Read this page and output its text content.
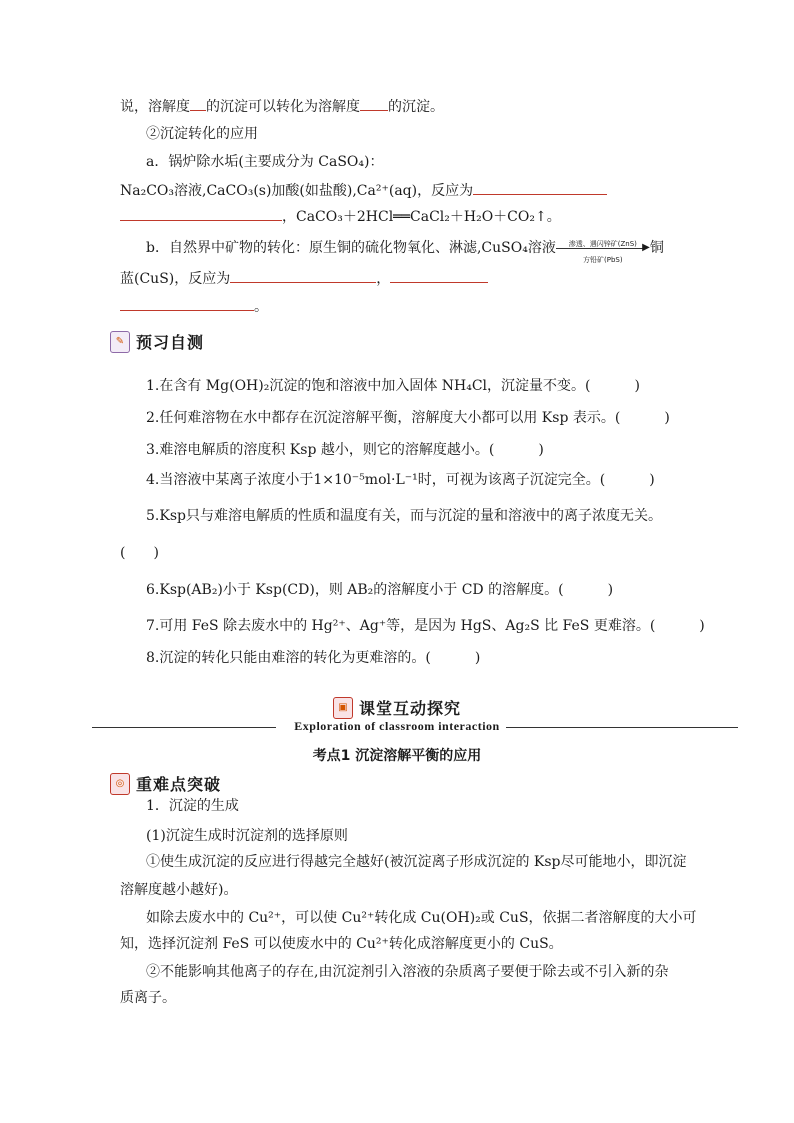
说，溶解度 的沉淀可以转化为溶解度 的沉淀。
②沉淀转化的应用
a．锅炉除水垢(主要成分为 CaSO₄)：
Na₂CO₃溶液,CaCO₃(s)加酸(如盐酸),Ca²⁺(aq)，反应为
，CaCO₃＋2HCl══CaCl₂＋H₂O＋CO₂↑。
b．自然界中矿物的转化：原生铜的硫化物氧化、淋滤,CuSO₄溶液	渗透、遇闪锌矿(ZnS) ▶
方铅矿(PbS)
铜
蓝(CuS)，反应为	，
。
✎ 预习自测
1.在含有 Mg(OH)₂沉淀的饱和溶液中加入固体 NH₄Cl，沉淀量不变。(	)
2.任何难溶物在水中都存在沉淀溶解平衡，溶解度大小都可以用 Ksp 表示。(	)
3.难溶电解质的溶度积 Ksp 越小，则它的溶解度越小。(	)
4.当溶液中某离子浓度小于1×10⁻⁵mol·L⁻¹时，可视为该离子沉淀完全。(	)
5.Ksp只与难溶电解质的性质和温度有关，而与沉淀的量和溶液中的离子浓度无关。
( )
6.Ksp(AB₂)小于 Ksp(CD)，则 AB₂的溶解度小于 CD 的溶解度。(	)
7.可用 FeS 除去废水中的 Hg²⁺、Ag⁺等，是因为 HgS、Ag₂S 比 FeS 更难溶。(	)
8.沉淀的转化只能由难溶的转化为更难溶的。(	)
▣ 课堂互动探究
Exploration of classroom interaction
考点1 沉淀溶解平衡的应用
◎ 重难点突破
1．沉淀的生成
(1)沉淀生成时沉淀剂的选择原则
①使生成沉淀的反应进行得越完全越好(被沉淀离子形成沉淀的 Ksp尽可能地小，即沉淀
溶解度越小越好)。
如除去废水中的 Cu²⁺，可以使 Cu²⁺转化成 Cu(OH)₂或 CuS，依据二者溶解度的大小可
知，选择沉淀剂 FeS 可以使废水中的 Cu²⁺转化成溶解度更小的 CuS。
②不能影响其他离子的存在,由沉淀剂引入溶液的杂质离子要便于除去或不引入新的杂
质离子。
